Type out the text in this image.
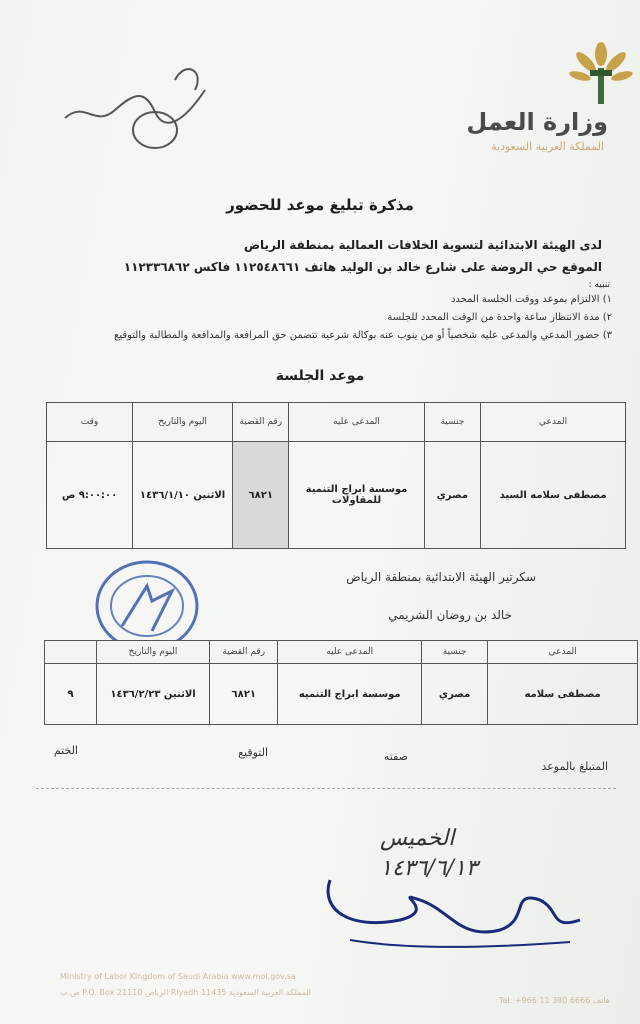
وزارة العمل
المملكة العربية السعودية
مذكرة تبليغ موعد للحضور
لدى الهيئة الابتدائية لتسوية الخلافات العمالية بمنطقة الرياض
الموقع حي الروضة على شارع خالد بن الوليد هاتف ١١٢٥٤٨٦٦١ فاكس ١١٢٣٣٦٨٦٢
تنبيه :
١) الالتزام بموعد ووقت الجلسة المحدد
٢) مدة الانتظار ساعة واحدة من الوقت المحدد للجلسة
٣) حضور المدعي والمدعى عليه شخصياً أو من ينوب عنه بوكالة شرعية تتضمن حق المرافعة والمدافعة والمطالبة والتوقيع
موعد الجلسة
المدعي	جنسية	المدعى عليه	رقم القضية	اليوم والتاريخ	وقت
مصطفى سلامه السيد	مصري	موسسة ابراج التنمية للمقاولات	٦٨٢١	الاثنين ١٤٣٦/١/١٠	٩:٠٠:٠٠ ص
سكرتير الهيئة الابتدائية بمنطقة الرياض
خالد بن روضان الشريمي
المدعي	جنسية	المدعى عليه	رقم القضية	اليوم والتاريخ	
مصطفى سلامه	مصري	موسسة ابراج التنميه	٦٨٢١	الاثنين ١٤٣٦/٢/٢٣	٩
المتبلغ بالموعد
صفته
التوقيع
الختم
الخميس
١٤٣٦/٦/١٣
Ministry of Labor Kingdom of Saudi Arabia www.mol.gov.sa
المملكة العربية السعودية Riyadh 11435 الرياض P.O. Box 21110 ص.ب
هاتف 6666 380 11 966+ :Tel
